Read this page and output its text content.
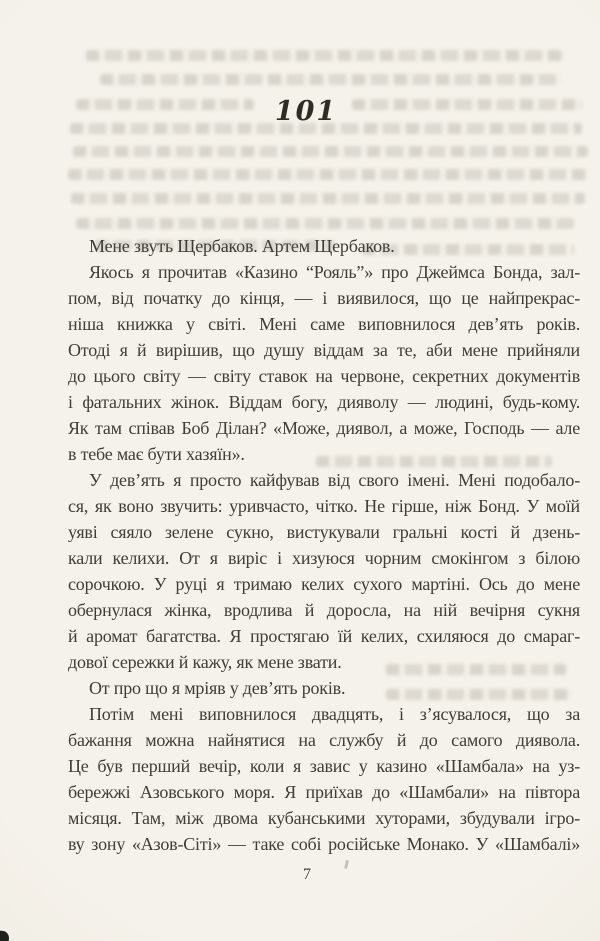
101
Мене звуть Щербаков. Артем Щербаков.
Якось я прочитав «Казино “Рояль”» про Джеймса Бонда, зал-
пом, від початку до кінця, — і виявилося, що це найпрекрас-
ніша книжка у світі. Мені саме виповнилося дев’ять років.
Отоді я й вирішив, що душу віддам за те, аби мене прийняли
до цього світу — світу ставок на червоне, секретних документів
і фатальних жінок. Віддам богу, дияволу — людині, будь-кому.
Як там співав Боб Ділан? «Може, диявол, а може, Господь — але
в тебе має бути хазяїн».
У дев’ять я просто кайфував від свого імені. Мені подобало-
ся, як воно звучить: уривчасто, чітко. Не гірше, ніж Бонд. У моїй
уяві сяяло зелене сукно, вистукували гральні кості й дзень-
кали келихи. От я виріс і хизуюся чорним смокінгом з білою
сорочкою. У руці я тримаю келих сухого мартіні. Ось до мене
обернулася жінка, вродлива й доросла, на ній вечірня сукня
й аромат багатства. Я простягаю їй келих, схиляюся до смараг-
дової сережки й кажу, як мене звати.
От про що я мріяв у дев’ять років.
Потім мені виповнилося двадцять, і з’ясувалося, що за
бажання можна найнятися на службу й до самого диявола.
Це був перший вечір, коли я завис у казино «Шамбала» на уз-
бережжі Азовського моря. Я приїхав до «Шамбали» на півтора
місяця. Там, між двома кубанськими хуторами, збудували ігро-
ву зону «Азов-Сіті» — таке собі російське Монако. У «Шамбалі»
7
